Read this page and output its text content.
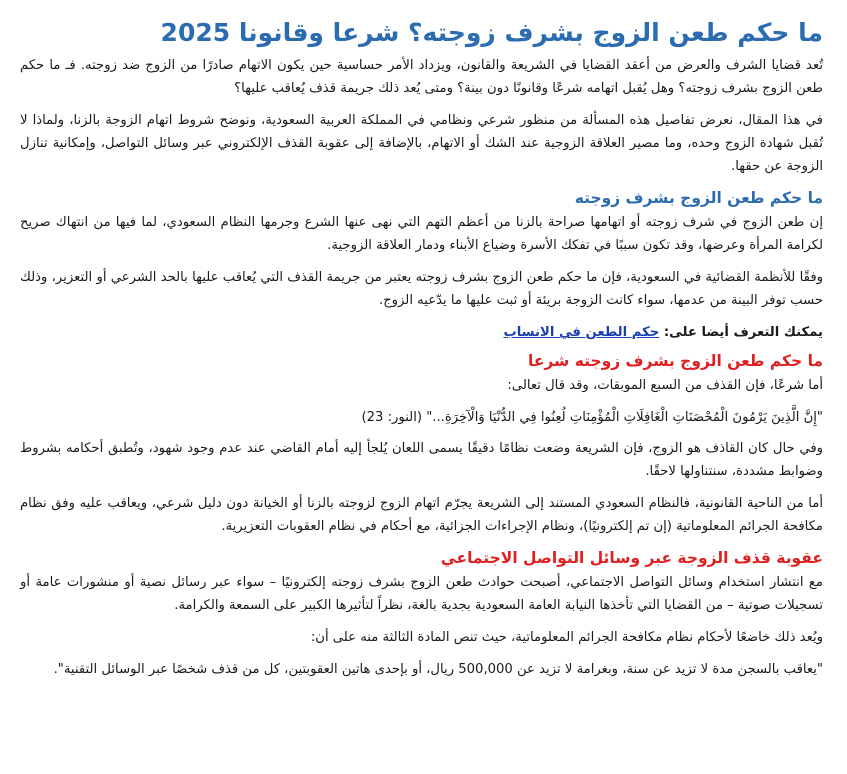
ما حكم طعن الزوج بشرف زوجته؟ شرعا وقانونا 2025

تُعد قضايا الشرف والعرض من أعقد القضايا في الشريعة والقانون، ويزداد الأمر حساسية حين يكون الاتهام صادرًا من الزوج ضد زوجته. فـ ما حكم طعن الزوج بشرف زوجته؟ وهل يُقبل اتهامه شرعًا وقانونًا دون بينة؟ ومتى يُعد ذلك جريمة قذف يُعاقب عليها؟

في هذا المقال، نعرض تفاصيل هذه المسألة من منظور شرعي ونظامي في المملكة العربية السعودية، ونوضح شروط اتهام الزوجة بالزنا، ولماذا لا تُقبل شهادة الزوج وحده، وما مصير العلاقة الزوجية عند الشك أو الاتهام، بالإضافة إلى عقوبة القذف الإلكتروني عبر وسائل التواصل، وإمكانية تنازل الزوجة عن حقها.

ما حكم طعن الزوج بشرف زوجته

إن طعن الزوج في شرف زوجته أو اتهامها صراحة بالزنا من أعظم التهم التي نهى عنها الشرع وجرمها النظام السعودي، لما فيها من انتهاك صريح لكرامة المرأة وعرضها، وقد تكون سببًا في تفكك الأسرة وضياع الأبناء ودمار العلاقة الزوجية.

وفقًا للأنظمة القضائية في السعودية، فإن ما حكم طعن الزوج بشرف زوجته يعتبر من جريمة القذف التي يُعاقب عليها بالحد الشرعي أو التعزير، وذلك حسب توفر البينة من عدمها، سواء كانت الزوجة بريئة أو ثبت عليها ما يدّعيه الزوج.

يمكنك التعرف أيضا على: حكم الطعن في الانساب

ما حكم طعن الزوج بشرف زوجته شرعا

أما شرعًا، فإن القذف من السبع الموبقات، وقد قال تعالى:

"إِنَّ الَّذِينَ يَرْمُونَ الْمُحْصَنَاتِ الْغَافِلَاتِ الْمُؤْمِنَاتِ لُعِنُوا فِي الدُّنْيَا وَالْآخِرَةِ..." (النور: 23)

وفي حال كان القاذف هو الزوج، فإن الشريعة وضعت نظامًا دقيقًا يسمى اللعان يُلجأ إليه أمام القاضي عند عدم وجود شهود، وتُطبق أحكامه بشروط وضوابط مشددة، سنتناولها لاحقًا.

أما من الناحية القانونية، فالنظام السعودي المستند إلى الشريعة يجرّم اتهام الزوج لزوجته بالزنا أو الخيانة دون دليل شرعي، ويعاقب عليه وفق نظام مكافحة الجرائم المعلوماتية (إن تم إلكترونيًا)، ونظام الإجراءات الجزائية، مع أحكام في نظام العقوبات التعزيرية.

عقوبة قذف الزوجة عبر وسائل التواصل الاجتماعي

مع انتشار استخدام وسائل التواصل الاجتماعي، أصبحت حوادث طعن الزوج بشرف زوجته إلكترونيًا – سواء عبر رسائل نصية أو منشورات عامة أو تسجيلات صوتية – من القضايا التي تأخذها النيابة العامة السعودية بجدية بالغة، نظراً لتأثيرها الكبير على السمعة والكرامة.

ويُعد ذلك خاضعًا لأحكام نظام مكافحة الجرائم المعلوماتية، حيث تنص المادة الثالثة منه على أن:

"يعاقب بالسجن مدة لا تزيد عن سنة، وبغرامة لا تزيد عن 500,000 ريال، أو بإحدى هاتين العقوبتين، كل من قذف شخصًا عبر الوسائل التقنية".
